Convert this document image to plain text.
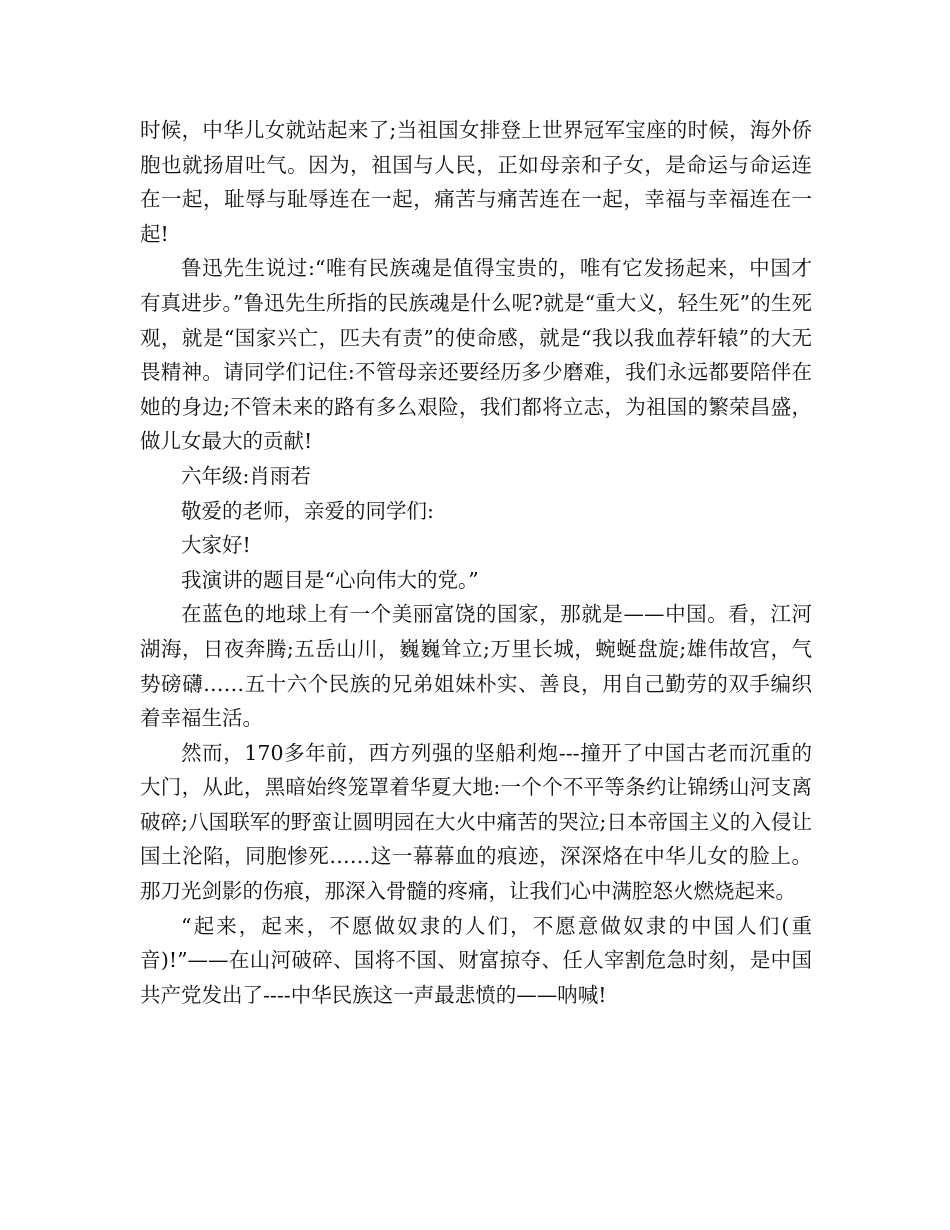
时候，中华儿女就站起来了;当祖国女排登上世界冠军宝座的时候，海外侨胞也就扬眉吐气。因为，祖国与人民，正如母亲和子女，是命运与命运连在一起，耻辱与耻辱连在一起，痛苦与痛苦连在一起，幸福与幸福连在一起!

鲁迅先生说过:“唯有民族魂是值得宝贵的，唯有它发扬起来，中国才有真进步。”鲁迅先生所指的民族魂是什么呢?就是“重大义，轻生死”的生死观，就是“国家兴亡，匹夫有责”的使命感，就是“我以我血荐轩辕”的大无畏精神。请同学们记住:不管母亲还要经历多少磨难，我们永远都要陪伴在她的身边;不管未来的路有多么艰险，我们都将立志，为祖国的繁荣昌盛，做儿女最大的贡献!

六年级:肖雨若

敬爱的老师，亲爱的同学们:

大家好!

我演讲的题目是“心向伟大的党。”

在蓝色的地球上有一个美丽富饶的国家，那就是——中国。看，江河湖海，日夜奔腾;五岳山川，巍巍耸立;万里长城，蜿蜒盘旋;雄伟故宫，气势磅礴……五十六个民族的兄弟姐妹朴实、善良，用自己勤劳的双手编织着幸福生活。

然而，170多年前，西方列强的坚船利炮---撞开了中国古老而沉重的大门，从此，黑暗始终笼罩着华夏大地:一个个不平等条约让锦绣山河支离破碎;八国联军的野蛮让圆明园在大火中痛苦的哭泣;日本帝国主义的入侵让国土沦陷，同胞惨死……这一幕幕血的痕迹，深深烙在中华儿女的脸上。那刀光剑影的伤痕，那深入骨髓的疼痛，让我们心中满腔怒火燃烧起来。

“起来，起来，不愿做奴隶的人们，不愿意做奴隶的中国人们(重音)!”——在山河破碎、国将不国、财富掠夺、任人宰割危急时刻，是中国共产党发出了----中华民族这一声最悲愤的——呐喊!
